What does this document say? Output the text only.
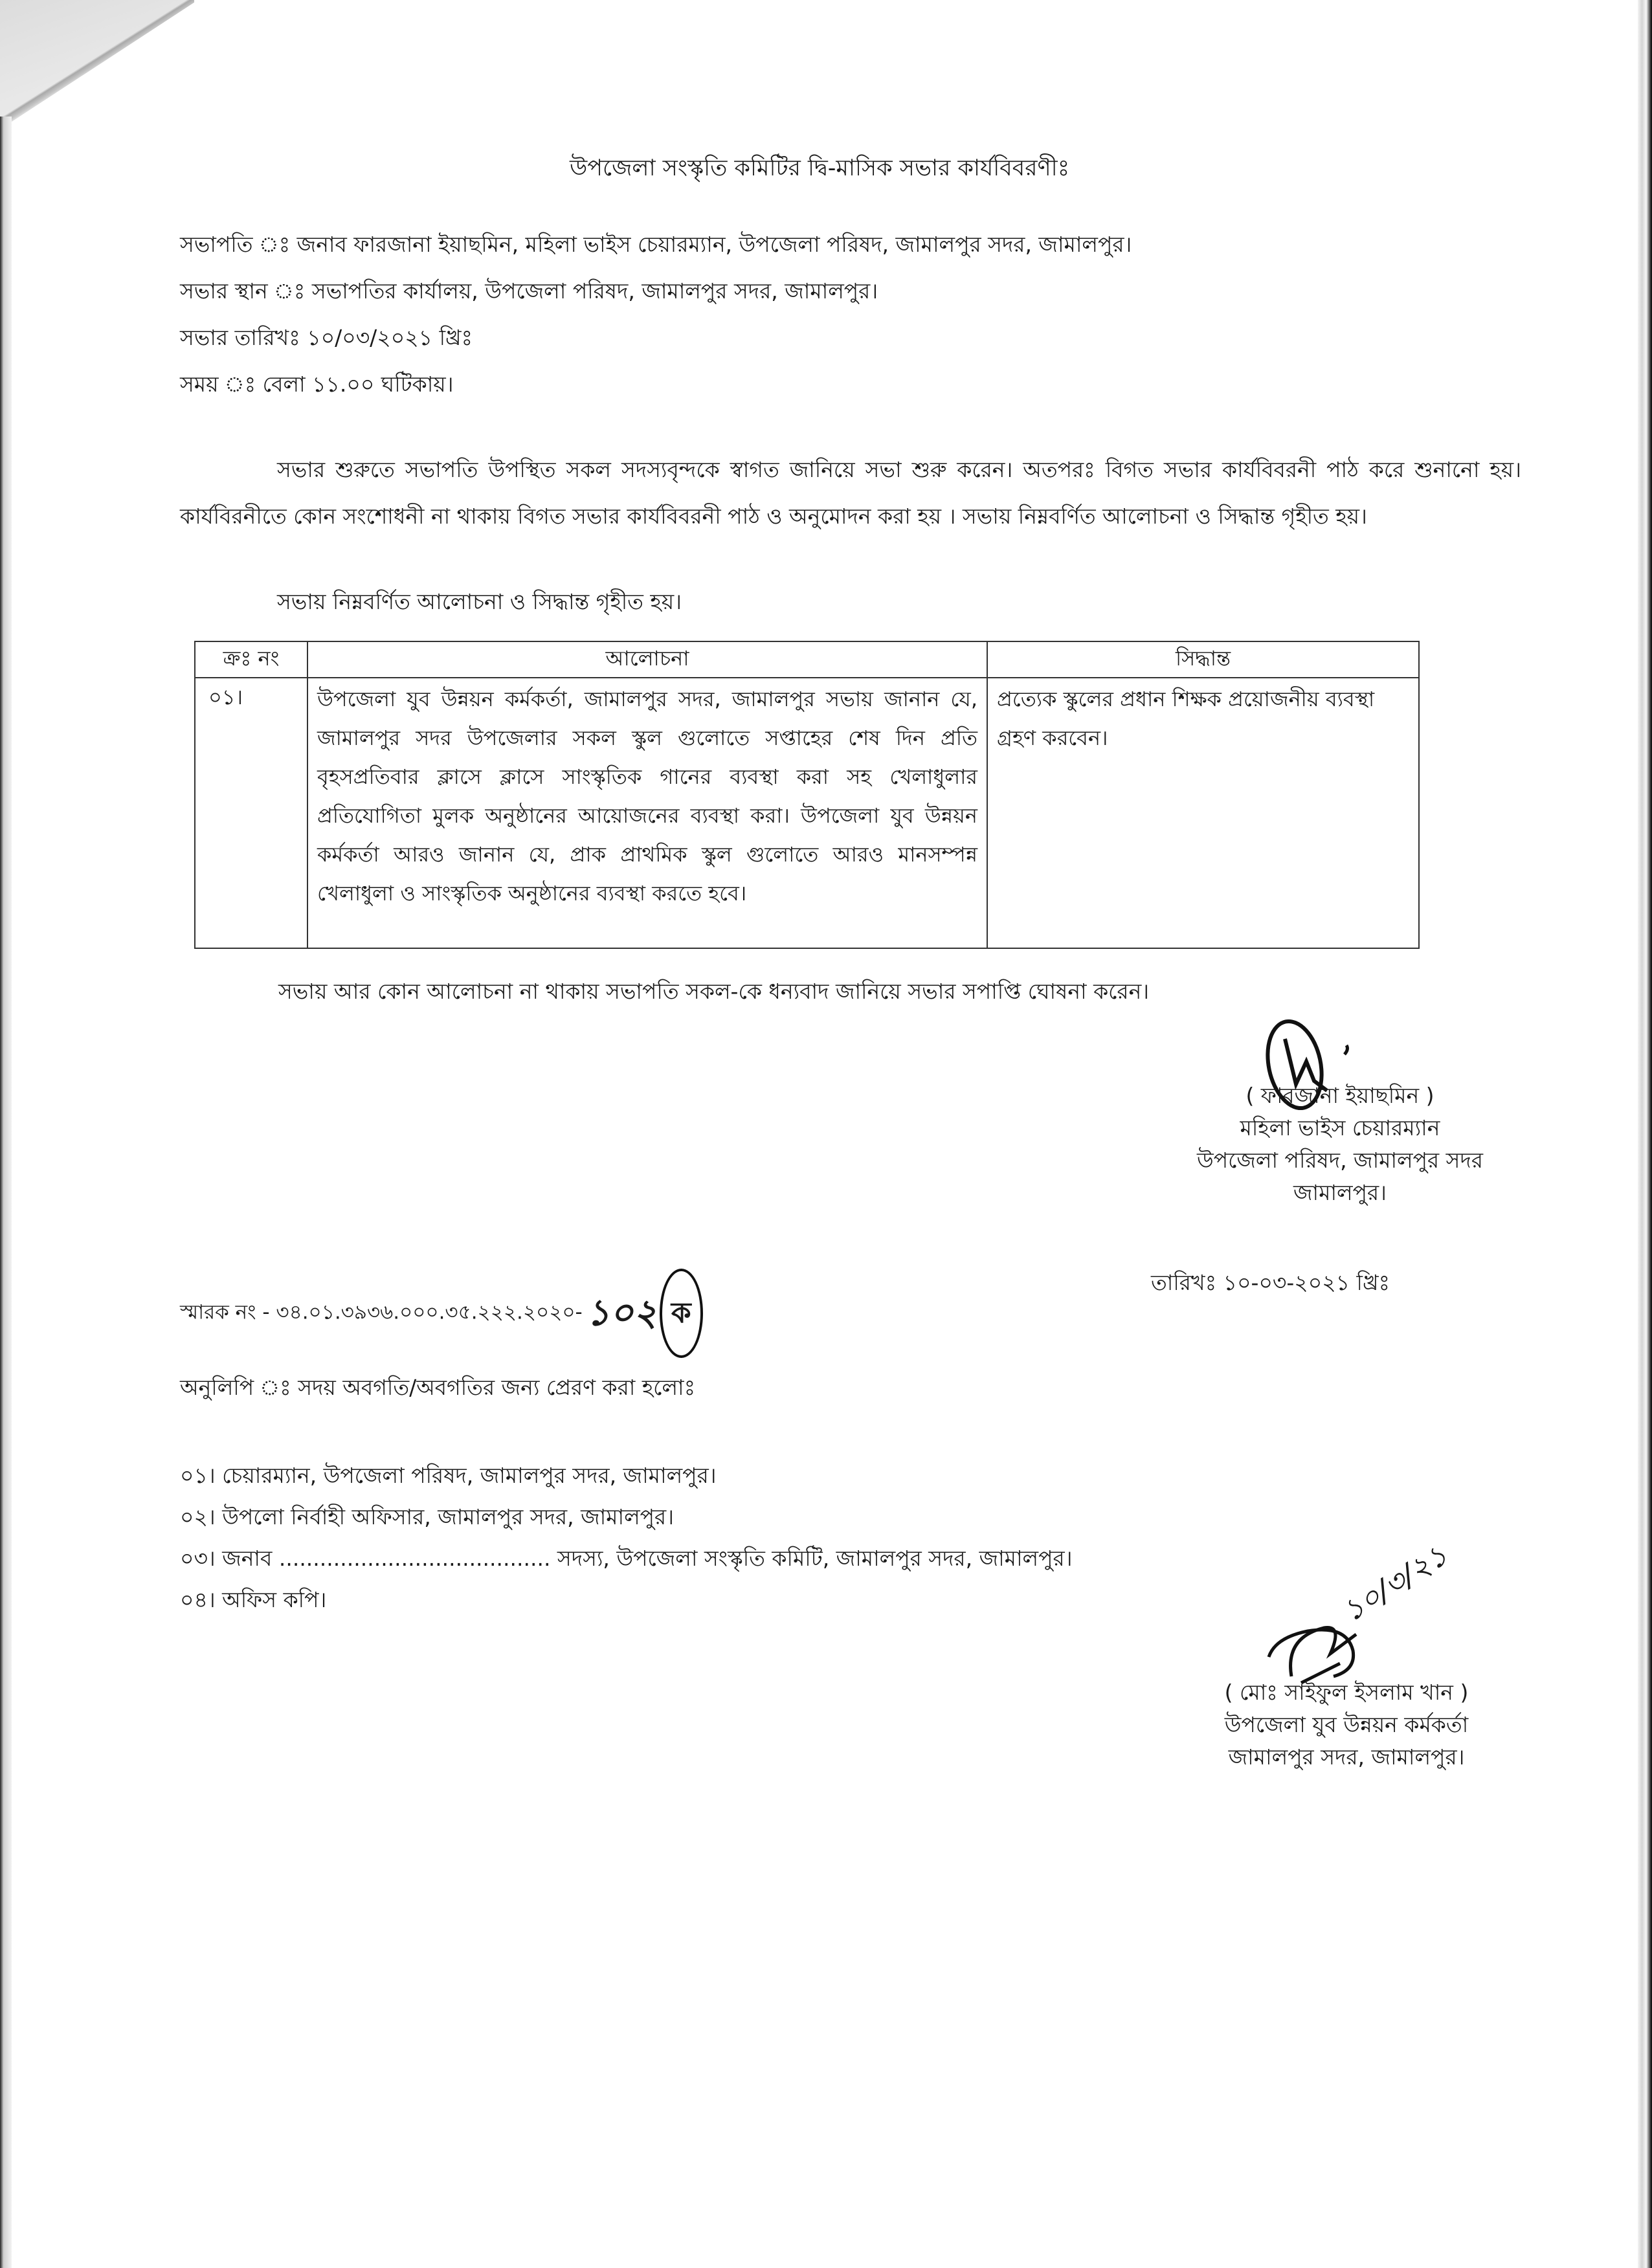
উপজেলা সংস্কৃতি কমিটির দ্বি-মাসিক সভার কার্যবিবরণীঃ
সভাপতি ঃ জনাব ফারজানা ইয়াছমিন, মহিলা ভাইস চেয়ারম্যান, উপজেলা পরিষদ, জামালপুর সদর, জামালপুর।
সভার স্থান ঃ সভাপতির কার্যালয়, উপজেলা পরিষদ, জামালপুর সদর, জামালপুর।
সভার তারিখঃ ১০/০৩/২০২১ খ্রিঃ
সময় ঃ বেলা ১১.০০ ঘটিকায়।
সভার শুরুতে সভাপতি উপস্থিত সকল সদস্যবৃন্দকে স্বাগত জানিয়ে সভা শুরু করেন। অতপরঃ বিগত সভার কার্যবিবরনী পাঠ করে শুনানো হয়। কার্যবিরনীতে কোন সংশোধনী না থাকায় বিগত সভার কার্যবিবরনী পাঠ ও অনুমোদন করা হয় । সভায় নিম্নবর্ণিত আলোচনা ও সিদ্ধান্ত গৃহীত হয়।
সভায় নিম্নবর্ণিত আলোচনা ও সিদ্ধান্ত গৃহীত হয়।
ক্রঃ নং	আলোচনা	সিদ্ধান্ত
০১।	উপজেলা যুব উন্নয়ন কর্মকর্তা, জামালপুর সদর, জামালপুর সভায় জানান যে, জামালপুর সদর উপজেলার সকল স্কুল গুলোতে সপ্তাহের শেষ দিন প্রতি বৃহসপ্রতিবার ক্লাসে ক্লাসে সাংস্কৃতিক গানের ব্যবস্থা করা সহ খেলাধুলার প্রতিযোগিতা মুলক অনুষ্ঠানের আয়োজনের ব্যবস্থা করা। উপজেলা যুব উন্নয়ন কর্মকর্তা আরও জানান যে, প্রাক প্রাথমিক স্কুল গুলোতে আরও মানসম্পন্ন খেলাধুলা ও সাংস্কৃতিক অনুষ্ঠানের ব্যবস্থা করতে হবে।	প্রত্যেক স্কুলের প্রধান শিক্ষক প্রয়োজনীয় ব্যবস্থা গ্রহণ করবেন।
সভায় আর কোন আলোচনা না থাকায় সভাপতি সকল-কে ধন্যবাদ জানিয়ে সভার সপাপ্তি ঘোষনা করেন।
( ফারজানা ইয়াছমিন )
মহিলা ভাইস চেয়ারম্যান
উপজেলা পরিষদ, জামালপুর সদর
জামালপুর।
স্মারক নং - ৩৪.০১.৩৯৩৬.০০০.৩৫.২২২.২০২০- ১০২ ক
তারিখঃ ১০-০৩-২০২১ খ্রিঃ
অনুলিপি ঃ সদয় অবগতি/অবগতির জন্য প্রেরণ করা হলোঃ
০১। চেয়ারম্যান, উপজেলা পরিষদ, জামালপুর সদর, জামালপুর।
০২। উপলো নির্বাহী অফিসার, জামালপুর সদর, জামালপুর।
০৩। জনাব ........................................ সদস্য, উপজেলা সংস্কৃতি কমিটি, জামালপুর সদর, জামালপুর।
০৪। অফিস কপি।	১০/৩/২১
( মোঃ সাইফুল ইসলাম খান )
উপজেলা যুব উন্নয়ন কর্মকর্তা
জামালপুর সদর, জামালপুর।
